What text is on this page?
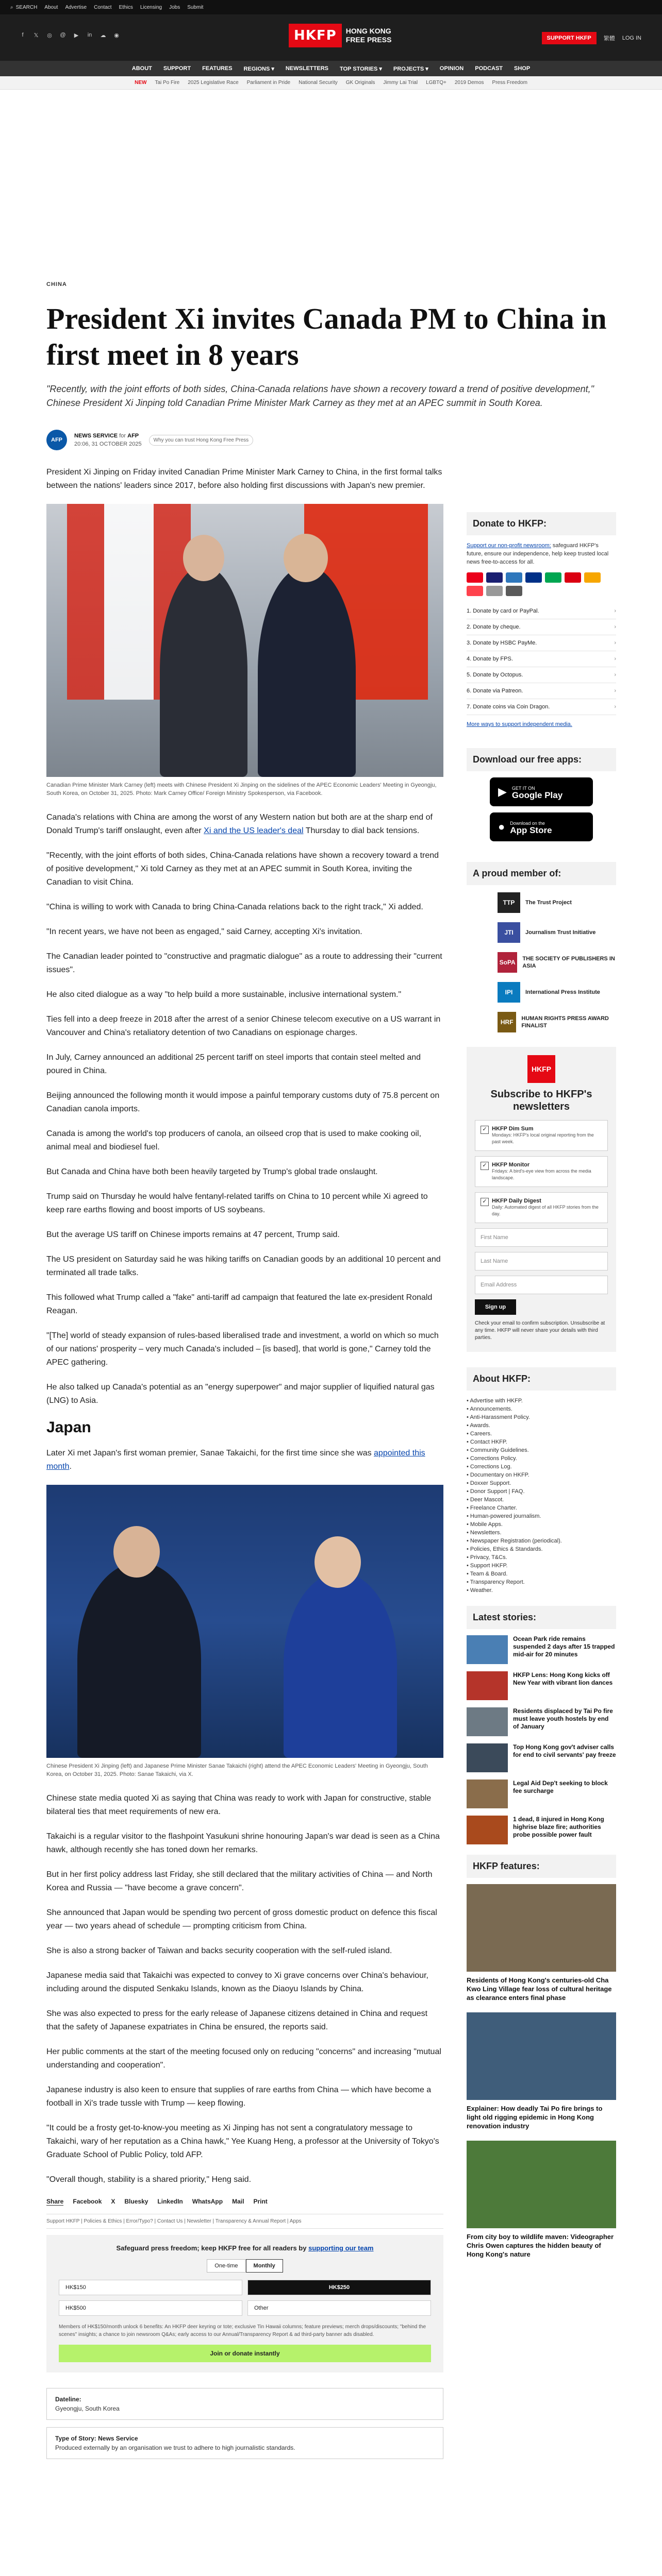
⌕ SEARCH About Advertise Contact Ethics Licensing Jobs Submit
f	𝕏	◎ @	▶	in	☁ ◉	HKFP	HONG KONG
FREE PRESS	SUPPORT HKFP	繁體 LOG IN
ABOUT SUPPORT FEATURES REGIONS ▾ NEWSLETTERS TOP STORIES ▾ PROJECTS ▾ OPINION PODCAST SHOP
NEW Tai Po Fire 2025 Legislative Race Parliament in Pride National Security GK Originals Jimmy Lai Trial LGBTQ+ 2019 Demos Press Freedom
CHINA
President Xi invites Canada PM to China in first meet in 8 years

"Recently, with the joint efforts of both sides, China-Canada relations have shown a recovery toward a trend of positive development," Chinese President Xi Jinping told Canadian Prime Minister Mark Carney as they met at an APEC summit in South Korea.

AFP
NEWS SERVICE for AFP
20:06, 31 OCTOBER 2025
Why you can trust Hong Kong Free Press

President Xi Jinping on Friday invited Canadian Prime Minister Mark Carney to China, in the first formal talks between the nations' leaders since 2017, before also holding first discussions with Japan's new premier.

Canadian Prime Minister Mark Carney (left) meets with Chinese President Xi Jinping on the sidelines of the APEC Economic Leaders' Meeting in Gyeongju, South Korea, on October 31, 2025. Photo: Mark Carney Office/ Foreign Ministry Spokesperson, via Facebook.

Canada's relations with China are among the worst of any Western nation but both are at the sharp end of Donald Trump's tariff onslaught, even after Xi and the US leader's deal Thursday to dial back tensions.

"Recently, with the joint efforts of both sides, China-Canada relations have shown a recovery toward a trend of positive development," Xi told Carney as they met at an APEC summit in South Korea, inviting the Canadian to visit China.

"China is willing to work with Canada to bring China-Canada relations back to the right track," Xi added.

"In recent years, we have not been as engaged," said Carney, accepting Xi's invitation.

The Canadian leader pointed to "constructive and pragmatic dialogue" as a route to addressing their "current issues".

He also cited dialogue as a way "to help build a more sustainable, inclusive international system."

Ties fell into a deep freeze in 2018 after the arrest of a senior Chinese telecom executive on a US warrant in Vancouver and China's retaliatory detention of two Canadians on espionage charges.

In July, Carney announced an additional 25 percent tariff on steel imports that contain steel melted and poured in China.

Beijing announced the following month it would impose a painful temporary customs duty of 75.8 percent on Canadian canola imports.

Canada is among the world's top producers of canola, an oilseed crop that is used to make cooking oil, animal meal and biodiesel fuel.

But Canada and China have both been heavily targeted by Trump's global trade onslaught.

Trump said on Thursday he would halve fentanyl-related tariffs on China to 10 percent while Xi agreed to keep rare earths flowing and boost imports of US soybeans.

But the average US tariff on Chinese imports remains at 47 percent, Trump said.

The US president on Saturday said he was hiking tariffs on Canadian goods by an additional 10 percent and terminated all trade talks.

This followed what Trump called a "fake" anti-tariff ad campaign that featured the late ex-president Ronald Reagan.

"[The] world of steady expansion of rules-based liberalised trade and investment, a world on which so much of our nations' prosperity – very much Canada's included – [is based], that world is gone," Carney told the APEC gathering.

He also talked up Canada's potential as an "energy superpower" and major supplier of liquified natural gas (LNG) to Asia.

Japan

Later Xi met Japan's first woman premier, Sanae Takaichi, for the first time since she was appointed this month.

Chinese President Xi Jinping (left) and Japanese Prime Minister Sanae Takaichi (right) attend the APEC Economic Leaders' Meeting in Gyeongju, South Korea, on October 31, 2025. Photo: Sanae Takaichi, via X.

Chinese state media quoted Xi as saying that China was ready to work with Japan for constructive, stable bilateral ties that meet requirements of new era.

Takaichi is a regular visitor to the flashpoint Yasukuni shrine honouring Japan's war dead is seen as a China hawk, although recently she has toned down her remarks.

But in her first policy address last Friday, she still declared that the military activities of China — and North Korea and Russia — "have become a grave concern".

She announced that Japan would be spending two percent of gross domestic product on defence this fiscal year — two years ahead of schedule — prompting criticism from China.

She is also a strong backer of Taiwan and backs security cooperation with the self-ruled island.

Japanese media said that Takaichi was expected to convey to Xi grave concerns over China's behaviour, including around the disputed Senkaku Islands, known as the Diaoyu Islands by China.

She was also expected to press for the early release of Japanese citizens detained in China and request that the safety of Japanese expatriates in China be ensured, the reports said.

Her public comments at the start of the meeting focused only on reducing "concerns" and increasing "mutual understanding and cooperation".

Japanese industry is also keen to ensure that supplies of rare earths from China — which have become a football in Xi's trade tussle with Trump — keep flowing.

"It could be a frosty get-to-know-you meeting as Xi Jinping has not sent a congratulatory message to Takaichi, wary of her reputation as a China hawk," Yee Kuang Heng, a professor at the University of Tokyo's Graduate School of Public Policy, told AFP.

"Overall though, stability is a shared priority," Heng said.

Share Facebook X Bluesky LinkedIn WhatsApp Mail Print
Support HKFP | Policies & Ethics | Error/Typo? | Contact Us | Newsletter | Transparency & Annual Report | Apps
Safeguard press freedom; keep HKFP free for all readers by supporting our team
One-time	Monthly
HK$150	HK$250
HK$500	Other
Members of HK$150/month unlock 6 benefits: An HKFP deer keyring or tote; exclusive Tin Hawaii columns; feature previews; merch drops/discounts; "behind the scenes" insights; a chance to join newsroom Q&As; early access to our Annual/Transparency Report & ad third-party banner ads disabled.
Join or donate instantly
Dateline:
Gyeongju, South Korea
Type of Story: News Service
Produced externally by an organisation we trust to adhere to high journalistic standards.
Donate to HKFP:
Support our non-profit newsroom: safeguard HKFP's future, ensure our independence, help keep trusted local news free-to-access for all.
1. Donate by card or PayPal.	›
2. Donate by cheque.	›
3. Donate by HSBC PayMe.	›
4. Donate by FPS.	›
5. Donate by Octopus.	›
6. Donate via Patreon.	›
7. Donate coins via Coin Dragon.	›
More ways to support independent media.
Download our free apps:
▶ GET IT ON
Google Play
● Download on the
App Store
A proud member of:
TTP	The Trust Project
JTI	Journalism Trust Initiative
SoPA	THE SOCIETY OF PUBLISHERS IN ASIA
IPI	International Press Institute
HRF	HUMAN RIGHTS PRESS AWARD FINALIST
HKFP
Subscribe to HKFP's newsletters
✓ HKFP Dim Sum
Mondays: HKFP's local original reporting from the past week.
✓ HKFP Monitor
Fridays: A bird's-eye view from across the media landscape.
✓ HKFP Daily Digest
Daily: Automated digest of all HKFP stories from the day.
First Name
Last Name
Email Address
Sign up
Check your email to confirm subscription. Unsubscribe at any time. HKFP will never share your details with third parties.
About HKFP:
• Advertise with HKFP.
• Announcements.
• Anti-Harassment Policy.
• Awards.
• Careers.
• Contact HKFP.
• Community Guidelines.
• Corrections Policy.
• Corrections Log.
• Documentary on HKFP.
• Doxxer Support.
• Donor Support | FAQ.
• Deer Mascot.
• Freelance Charter.
• Human-powered journalism.
• Mobile Apps.
• Newsletters.
• Newspaper Registration (periodical).
• Policies, Ethics & Standards.
• Privacy, T&Cs.
• Support HKFP.
• Team & Board.
• Transparency Report.
• Weather.
Latest stories:
Ocean Park ride remains suspended 2 days after 15 trapped mid-air for 20 minutes
HKFP Lens: Hong Kong kicks off New Year with vibrant lion dances
Residents displaced by Tai Po fire must leave youth hostels by end of January
Top Hong Kong gov't adviser calls for end to civil servants' pay freeze
Legal Aid Dep't seeking to block fee surcharge
1 dead, 8 injured in Hong Kong highrise blaze fire; authorities probe possible power fault
HKFP features:
Residents of Hong Kong's centuries-old Cha Kwo Ling Village fear loss of cultural heritage as clearance enters final phase
Explainer: How deadly Tai Po fire brings to light old rigging epidemic in Hong Kong renovation industry
From city boy to wildlife maven: Videographer Chris Owen captures the hidden beauty of Hong Kong's nature
